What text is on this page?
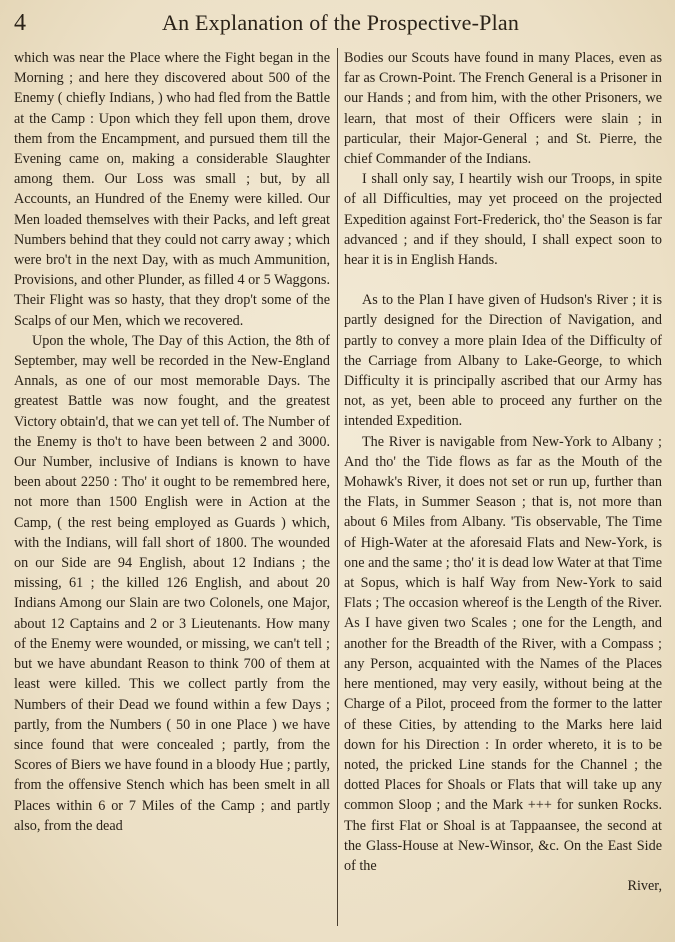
4	An Explanation of the Prospective-Plan

which was near the Place where the Fight began in the Morning ; and here they discovered about 500 of the Enemy ( chiefly Indians, ) who had fled from the Battle at the Camp : Upon which they fell upon them, drove them from the Encampment, and pursued them till the Evening came on, making a considerable Slaughter among them. Our Loss was small ; but, by all Accounts, an Hundred of the Enemy were killed. Our Men loaded themselves with their Packs, and left great Numbers behind that they could not carry away ; which were bro't in the next Day, with as much Ammunition, Provisions, and other Plunder, as filled 4 or 5 Waggons. Their Flight was so hasty, that they drop't some of the Scalps of our Men, which we recovered.

Upon the whole, The Day of this Action, the 8th of September, may well be recorded in the New-England Annals, as one of our most memorable Days. The greatest Battle was now fought, and the greatest Victory obtain'd, that we can yet tell of. The Number of the Enemy is tho't to have been between 2 and 3000. Our Number, inclusive of Indians is known to have been about 2250 : Tho' it ought to be remembred here, not more than 1500 English were in Action at the Camp, ( the rest being employed as Guards ) which, with the Indians, will fall short of 1800. The wounded on our Side are 94 English, about 12 Indians ; the missing, 61 ; the killed 126 English, and about 20 Indians Among our Slain are two Colonels, one Major, about 12 Captains and 2 or 3 Lieutenants. How many of the Enemy were wounded, or missing, we can't tell ; but we have abundant Reason to think 700 of them at least were killed. This we collect partly from the Numbers of their Dead we found within a few Days ; partly, from the Numbers ( 50 in one Place ) we have since found that were concealed ; partly, from the Scores of Biers we have found in a bloody Hue ; partly, from the offensive Stench which has been smelt in all Places within 6 or 7 Miles of the Camp ; and partly also, from the dead

Bodies our Scouts have found in many Places, even as far as Crown-Point. The French General is a Prisoner in our Hands ; and from him, with the other Prisoners, we learn, that most of their Officers were slain ; in particular, their Major-General ; and St. Pierre, the chief Commander of the Indians.

I shall only say, I heartily wish our Troops, in spite of all Difficulties, may yet proceed on the projected Expedition against Fort-Frederick, tho' the Season is far advanced ; and if they should, I shall expect soon to hear it is in English Hands.

As to the Plan I have given of Hudson's River ; it is partly designed for the Direction of Navigation, and partly to convey a more plain Idea of the Difficulty of the Carriage from Albany to Lake-George, to which Difficulty it is principally ascribed that our Army has not, as yet, been able to proceed any further on the intended Expedition.

The River is navigable from New-York to Albany ; And tho' the Tide flows as far as the Mouth of the Mohawk's River, it does not set or run up, further than the Flats, in Summer Season ; that is, not more than about 6 Miles from Albany. 'Tis observable, The Time of High-Water at the aforesaid Flats and New-York, is one and the same ; tho' it is dead low Water at that Time at Sopus, which is half Way from New-York to said Flats ; The occasion whereof is the Length of the River. As I have given two Scales ; one for the Length, and another for the Breadth of the River, with a Compass ; any Person, acquainted with the Names of the Places here mentioned, may very easily, without being at the Charge of a Pilot, proceed from the former to the latter of these Cities, by attending to the Marks here laid down for his Direction : In order whereto, it is to be noted, the pricked Line stands for the Channel ; the dotted Places for Shoals or Flats that will take up any common Sloop ; and the Mark +++ for sunken Rocks. The first Flat or Shoal is at Tappaansee, the second at the Glass-House at New-Winsor, &c. On the East Side of the

River,
